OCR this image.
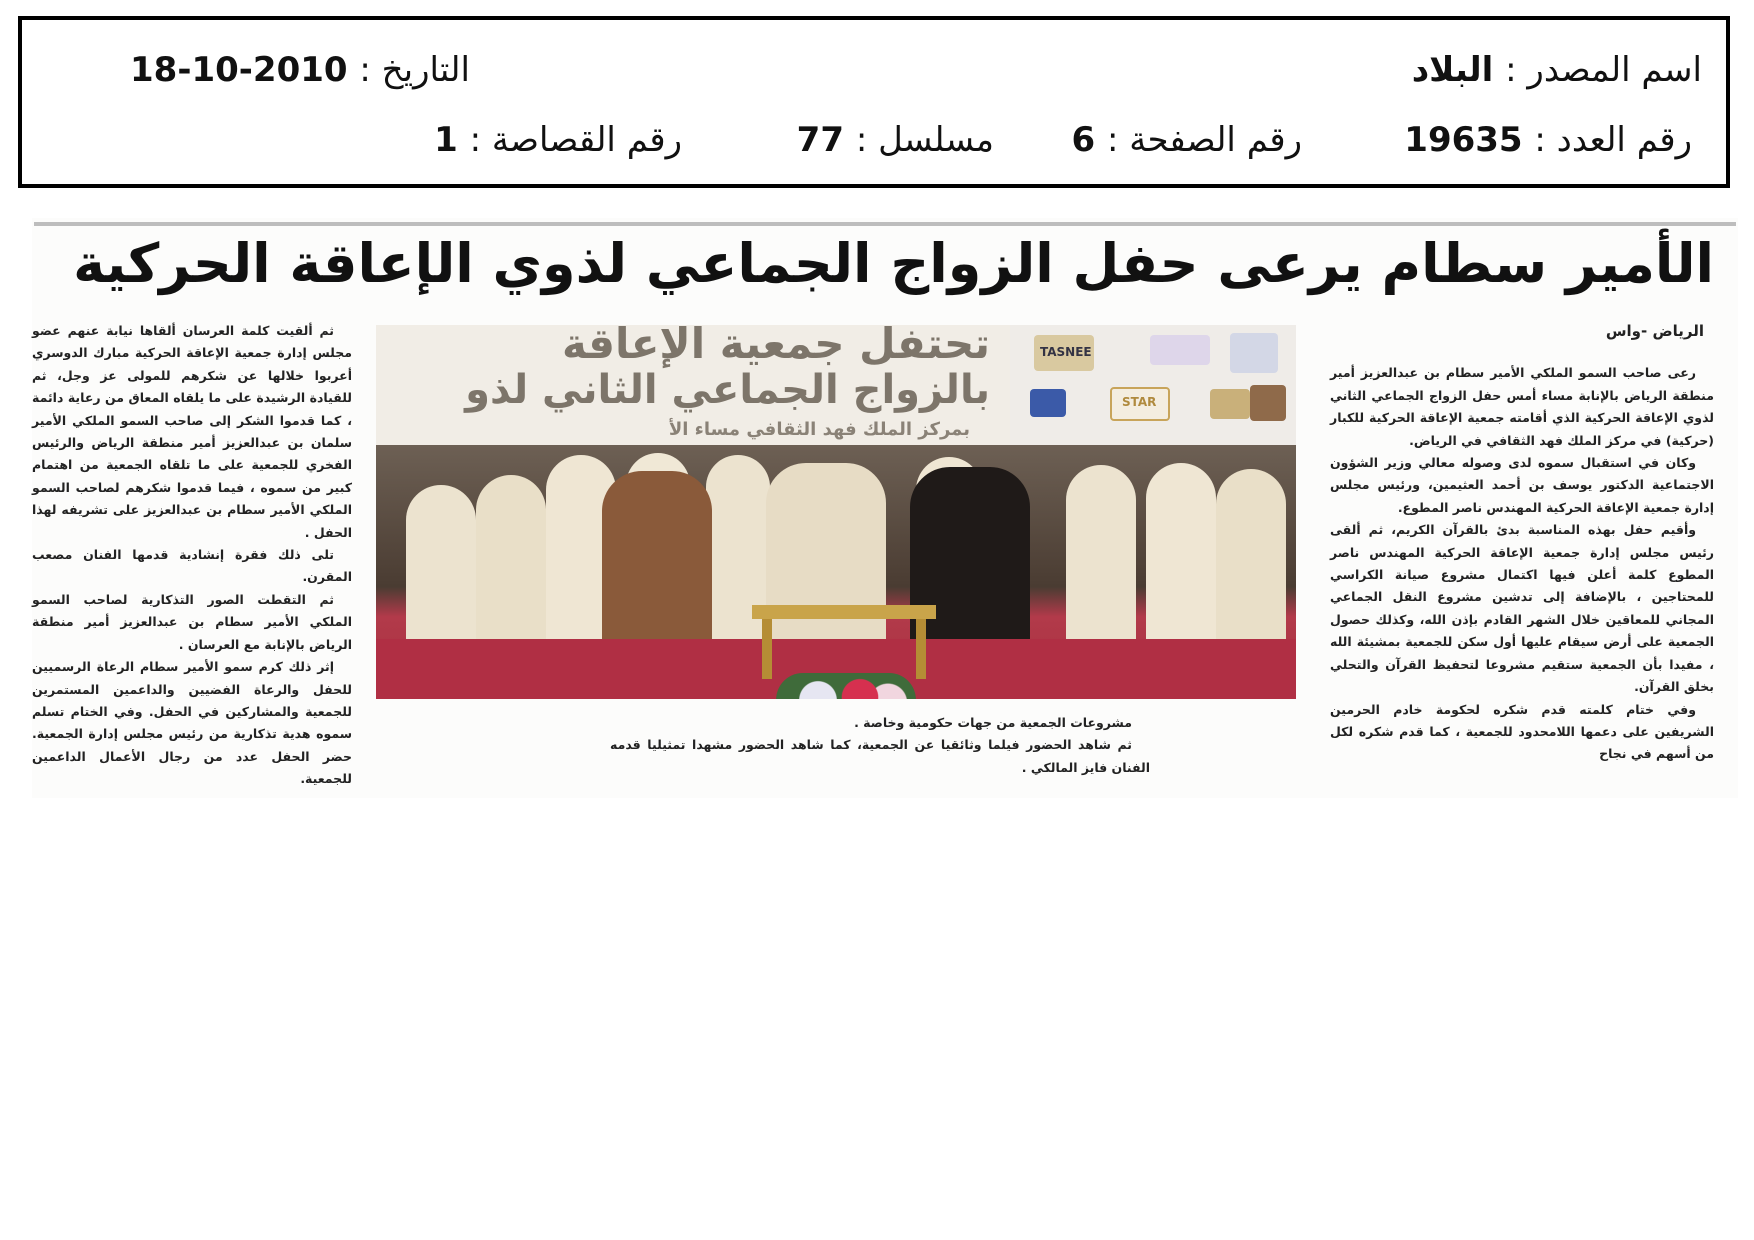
اسم المصدر : البلاد
التاريخ : 2010-10-18
رقم العدد : 19635
رقم الصفحة : 6
مسلسل : 77
رقم القصاصة : 1
الأمير سطام يرعى حفل الزواج الجماعي لذوي الإعاقة الحركية

الرياض -واس

رعى صاحب السمو الملكي الأمير سطام بن عبدالعزيز أمير منطقة الرياض بالإنابة مساء أمس حفل الزواج الجماعي الثاني لذوي الإعاقة الحركية الذي أقامته جمعية الإعاقة الحركية للكبار (حركية) في مركز الملك فهد الثقافي في الرياض.

وكان في استقبال سموه لدى وصوله معالي وزير الشؤون الاجتماعية الدكتور يوسف بن أحمد العثيمين، ورئيس مجلس إدارة جمعية الإعاقة الحركية المهندس ناصر المطوع.

وأقيم حفل بهذه المناسبة بدئ بالقرآن الكريم، ثم ألقى رئيس مجلس إدارة جمعية الإعاقة الحركية المهندس ناصر المطوع كلمة أعلن فيها اكتمال مشروع صيانة الكراسي للمحتاجين ، بالإضافة إلى تدشين مشروع النقل الجماعي المجاني للمعاقين خلال الشهر القادم بإذن الله، وكذلك حصول الجمعية على أرض سيقام عليها أول سكن للجمعية بمشيئة الله ، مفيدا بأن الجمعية ستقيم مشروعا لتحفيظ القرآن والتحلي بخلق القرآن.

وفي ختام كلمته قدم شكره لحكومة خادم الحرمين الشريفين على دعمها اللامحدود للجمعية ، كما قدم شكره لكل من أسهم في نجاح

مشروعات الجمعية من جهات حكومية وخاصة .

ثم شاهد الحضور فيلما وثائقيا عن الجمعية، كما شاهد الحضور مشهدا تمثيليا قدمه الفنان فايز المالكي .

ثم ألقيت كلمة العرسان ألقاها نيابة عنهم عضو مجلس إدارة جمعية الإعاقة الحركية مبارك الدوسري أعربوا خلالها عن شكرهم للمولى عز وجل، ثم للقيادة الرشيدة على ما يلقاه المعاق من رعاية دائمة ، كما قدموا الشكر إلى صاحب السمو الملكي الأمير سلمان بن عبدالعزيز أمير منطقة الرياض والرئيس الفخري للجمعية على ما تلقاه الجمعية من اهتمام كبير من سموه ، فيما قدموا شكرهم لصاحب السمو الملكي الأمير سطام بن عبدالعزيز على تشريفه لهذا الحفل .

تلى ذلك فقرة إنشادية قدمها الفنان مصعب المقرن.

ثم التقطت الصور التذكارية لصاحب السمو الملكي الأمير سطام بن عبدالعزيز أمير منطقة الرياض بالإنابة مع العرسان .

إثر ذلك كرم سمو الأمير سطام الرعاة الرسميين للحفل والرعاة الفضيين والداعمين المستمرين للجمعية والمشاركين في الحفل. وفي الختام تسلم سموه هدية تذكارية من رئيس مجلس إدارة الجمعية. حضر الحفل عدد من رجال الأعمال الداعمين للجمعية.

تحتفل جمعية الإعاقة
بالزواج الجماعي الثاني لذو
بمركز الملك فهد الثقافي مساء الأ
TASNEE
STAR
